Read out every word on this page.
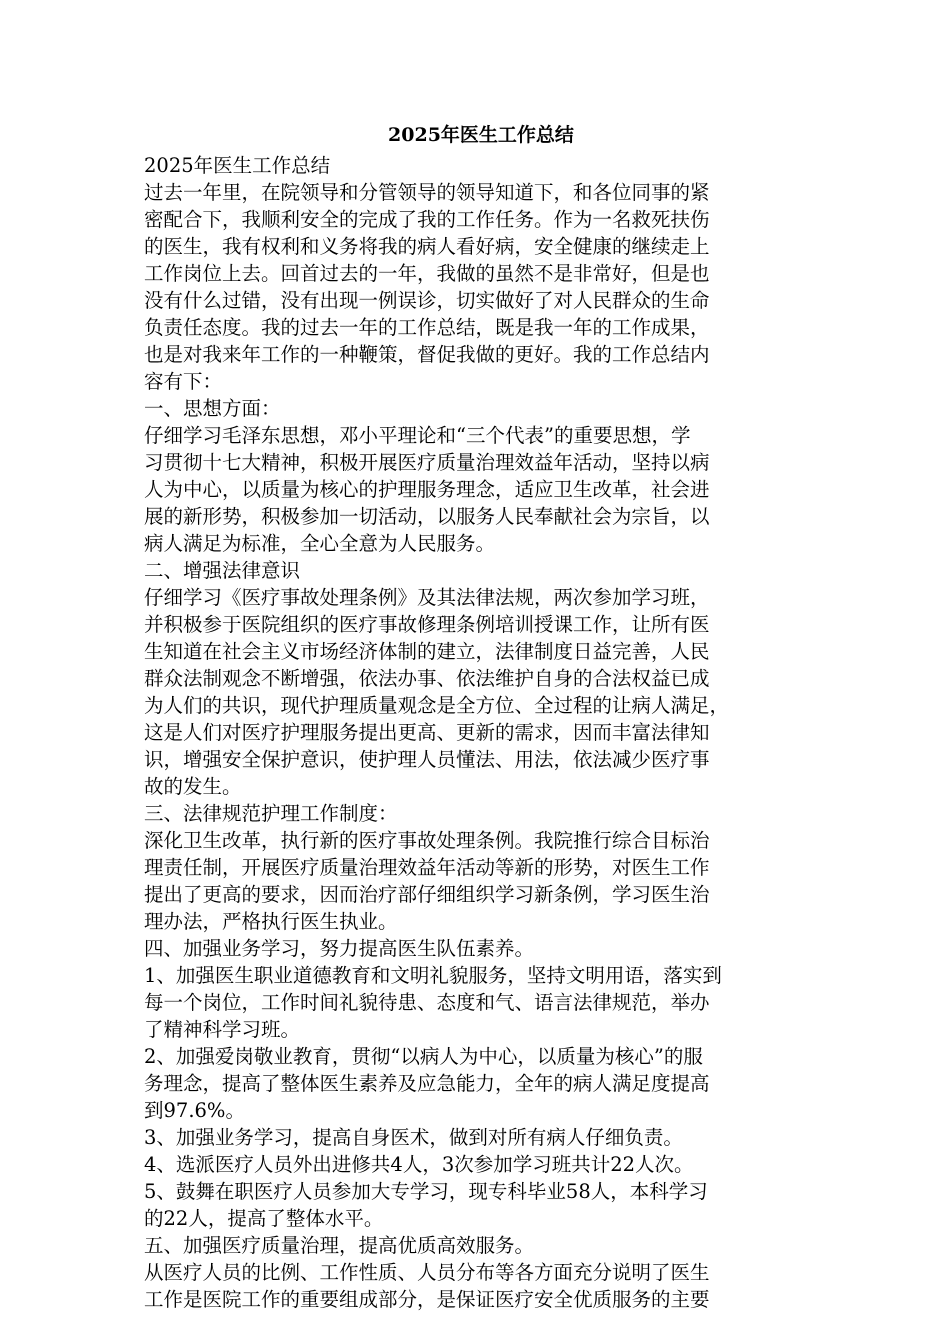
2025年医生工作总结
2025年医生工作总结
过去一年里，在院领导和分管领导的领导知道下，和各位同事的紧
密配合下，我顺利安全的完成了我的工作任务。作为一名救死扶伤
的医生，我有权利和义务将我的病人看好病，安全健康的继续走上
工作岗位上去。回首过去的一年，我做的虽然不是非常好，但是也
没有什么过错，没有出现一例误诊，切实做好了对人民群众的生命
负责任态度。我的过去一年的工作总结，既是我一年的工作成果，
也是对我来年工作的一种鞭策，督促我做的更好。我的工作总结内
容有下：
一、思想方面：
仔细学习毛泽东思想，邓小平理论和“三个代表”的重要思想，学
习贯彻十七大精神，积极开展医疗质量治理效益年活动，坚持以病
人为中心，以质量为核心的护理服务理念，适应卫生改革，社会进
展的新形势，积极参加一切活动，以服务人民奉献社会为宗旨，以
病人满足为标准，全心全意为人民服务。
二、增强法律意识
仔细学习《医疗事故处理条例》及其法律法规，两次参加学习班，
并积极参于医院组织的医疗事故修理条例培训授课工作，让所有医
生知道在社会主义市场经济体制的建立，法律制度日益完善，人民
群众法制观念不断增强，依法办事、依法维护自身的合法权益已成
为人们的共识，现代护理质量观念是全方位、全过程的让病人满足，
这是人们对医疗护理服务提出更高、更新的需求，因而丰富法律知
识，增强安全保护意识，使护理人员懂法、用法，依法减少医疗事
故的发生。
三、法律规范护理工作制度：
深化卫生改革，执行新的医疗事故处理条例。我院推行综合目标治
理责任制，开展医疗质量治理效益年活动等新的形势，对医生工作
提出了更高的要求，因而治疗部仔细组织学习新条例，学习医生治
理办法，严格执行医生执业。
四、加强业务学习，努力提高医生队伍素养。
1、加强医生职业道德教育和文明礼貌服务，坚持文明用语，落实到
每一个岗位，工作时间礼貌待患、态度和气、语言法律规范，举办
了精神科学习班。
2、加强爱岗敬业教育，贯彻“以病人为中心，以质量为核心”的服
务理念，提高了整体医生素养及应急能力，全年的病人满足度提高
到97.6%。
3、加强业务学习，提高自身医术，做到对所有病人仔细负责。
4、选派医疗人员外出进修共4人，3次参加学习班共计22人次。
5、鼓舞在职医疗人员参加大专学习，现专科毕业58人，本科学习
的22人，提高了整体水平。
五、加强医疗质量治理，提高优质高效服务。
从医疗人员的比例、工作性质、人员分布等各方面充分说明了医生
工作是医院工作的重要组成部分，是保证医疗安全优质服务的主要
